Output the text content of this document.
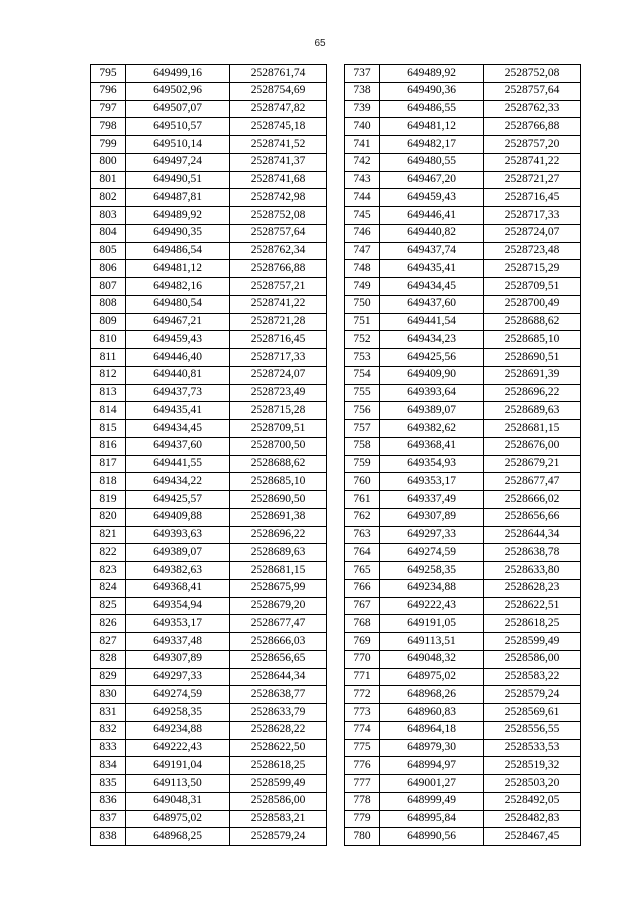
65
795	649499,16	2528761,74
796	649502,96	2528754,69
797	649507,07	2528747,82
798	649510,57	2528745,18
799	649510,14	2528741,52
800	649497,24	2528741,37
801	649490,51	2528741,68
802	649487,81	2528742,98
803	649489,92	2528752,08
804	649490,35	2528757,64
805	649486,54	2528762,34
806	649481,12	2528766,88
807	649482,16	2528757,21
808	649480,54	2528741,22
809	649467,21	2528721,28
810	649459,43	2528716,45
811	649446,40	2528717,33
812	649440,81	2528724,07
813	649437,73	2528723,49
814	649435,41	2528715,28
815	649434,45	2528709,51
816	649437,60	2528700,50
817	649441,55	2528688,62
818	649434,22	2528685,10
819	649425,57	2528690,50
820	649409,88	2528691,38
821	649393,63	2528696,22
822	649389,07	2528689,63
823	649382,63	2528681,15
824	649368,41	2528675,99
825	649354,94	2528679,20
826	649353,17	2528677,47
827	649337,48	2528666,03
828	649307,89	2528656,65
829	649297,33	2528644,34
830	649274,59	2528638,77
831	649258,35	2528633,79
832	649234,88	2528628,22
833	649222,43	2528622,50
834	649191,04	2528618,25
835	649113,50	2528599,49
836	649048,31	2528586,00
837	648975,02	2528583,21
838	648968,25	2528579,24
737	649489,92	2528752,08
738	649490,36	2528757,64
739	649486,55	2528762,33
740	649481,12	2528766,88
741	649482,17	2528757,20
742	649480,55	2528741,22
743	649467,20	2528721,27
744	649459,43	2528716,45
745	649446,41	2528717,33
746	649440,82	2528724,07
747	649437,74	2528723,48
748	649435,41	2528715,29
749	649434,45	2528709,51
750	649437,60	2528700,49
751	649441,54	2528688,62
752	649434,23	2528685,10
753	649425,56	2528690,51
754	649409,90	2528691,39
755	649393,64	2528696,22
756	649389,07	2528689,63
757	649382,62	2528681,15
758	649368,41	2528676,00
759	649354,93	2528679,21
760	649353,17	2528677,47
761	649337,49	2528666,02
762	649307,89	2528656,66
763	649297,33	2528644,34
764	649274,59	2528638,78
765	649258,35	2528633,80
766	649234,88	2528628,23
767	649222,43	2528622,51
768	649191,05	2528618,25
769	649113,51	2528599,49
770	649048,32	2528586,00
771	648975,02	2528583,22
772	648968,26	2528579,24
773	648960,83	2528569,61
774	648964,18	2528556,55
775	648979,30	2528533,53
776	648994,97	2528519,32
777	649001,27	2528503,20
778	648999,49	2528492,05
779	648995,84	2528482,83
780	648990,56	2528467,45
